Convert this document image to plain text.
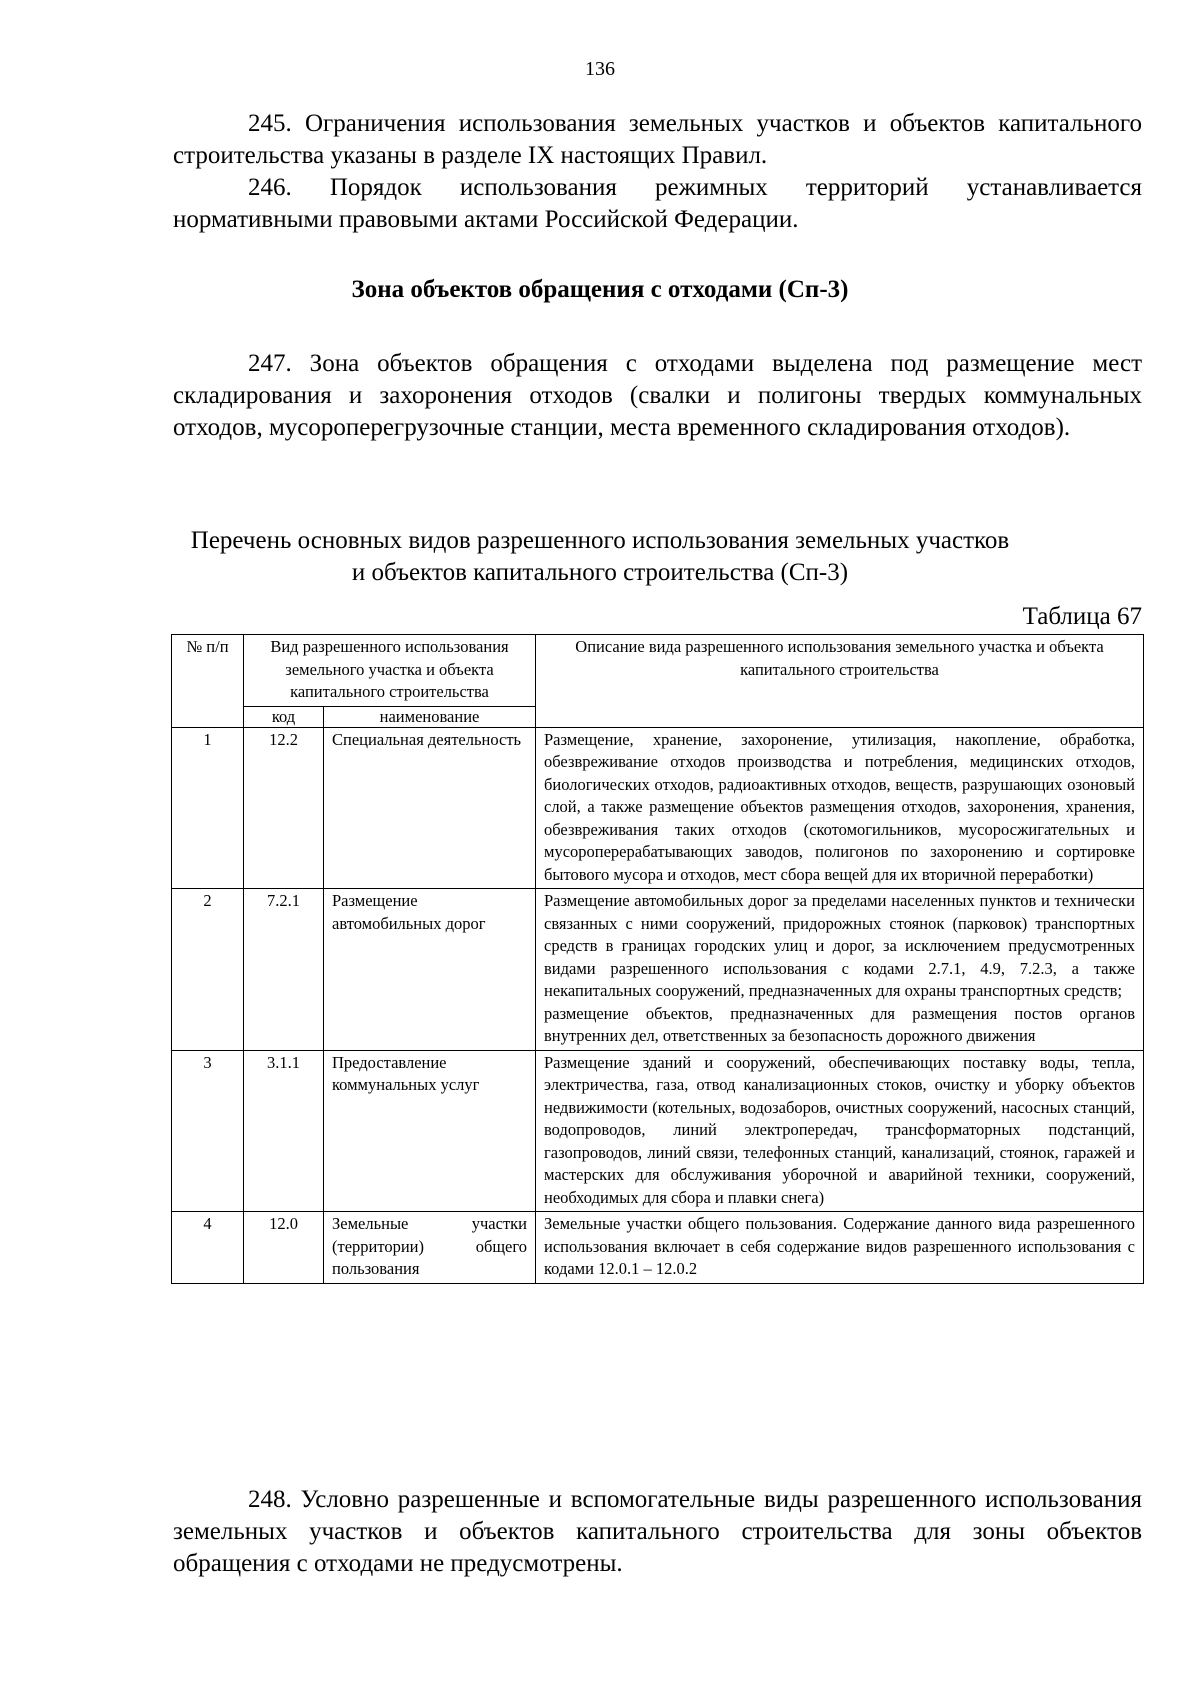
136

245. Ограничения использования земельных участков и объектов капитального строительства указаны в разделе IX настоящих Правил.

246. Порядок использования режимных территорий устанавливается нормативными правовыми актами Российской Федерации.

Зона объектов обращения с отходами (Сп-3)

247. Зона объектов обращения с отходами выделена под размещение мест складирования и захоронения отходов (свалки и полигоны твердых коммунальных отходов, мусороперегрузочные станции, места временного складирования отходов).

Перечень основных видов разрешенного использования земельных участков
и объектов капитального строительства (Сп-3)
Таблица 67
№ п/п	Вид разрешенного использования земельного участка и объекта капитального строительства		Описание вида разрешенного использования земельного участка и объекта капитального строительства
	код	наименование	
1	12.2	Специальная деятельность	Размещение, хранение, захоронение, утилизация, накопление, обработка, обезвреживание отходов производства и потребления, медицинских отходов, биологических отходов, радиоактивных отходов, веществ, разрушающих озоновый слой, а также размещение объектов размещения отходов, захоронения, хранения, обезвреживания таких отходов (скотомогильников, мусоросжигательных и мусороперерабатывающих заводов, полигонов по захоронению и сортировке бытового мусора и отходов, мест сбора вещей для их вторичной переработки)
2	7.2.1	Размещение автомобильных дорог	Размещение автомобильных дорог за пределами населенных пунктов и технически связанных с ними сооружений, придорожных стоянок (парковок) транспортных средств в границах городских улиц и дорог, за исключением предусмотренных видами разрешенного использования с кодами 2.7.1, 4.9, 7.2.3, а также некапитальных сооружений, предназначенных для охраны транспортных средств;
размещение объектов, предназначенных для размещения постов органов внутренних дел, ответственных за безопасность дорожного движения

3	3.1.1	Предоставление коммунальных услуг	Размещение зданий и сооружений, обеспечивающих поставку воды, тепла, электричества, газа, отвод канализационных стоков, очистку и уборку объектов недвижимости (котельных, водозаборов, очистных сооружений, насосных станций, водопроводов, линий электропередач, трансформаторных подстанций, газопроводов, линий связи, телефонных станций, канализаций, стоянок, гаражей и мастерских для обслуживания уборочной и аварийной техники, сооружений, необходимых для сбора и плавки снега)
4	12.0	Земельные участки (территории) общего пользования	Земельные участки общего пользования. Содержание данного вида разрешенного использования включает в себя содержание видов разрешенного использования с кодами 12.0.1 – 12.0.2

248. Условно разрешенные и вспомогательные виды разрешенного использования земельных участков и объектов капитального строительства для зоны объектов обращения с отходами не предусмотрены.
